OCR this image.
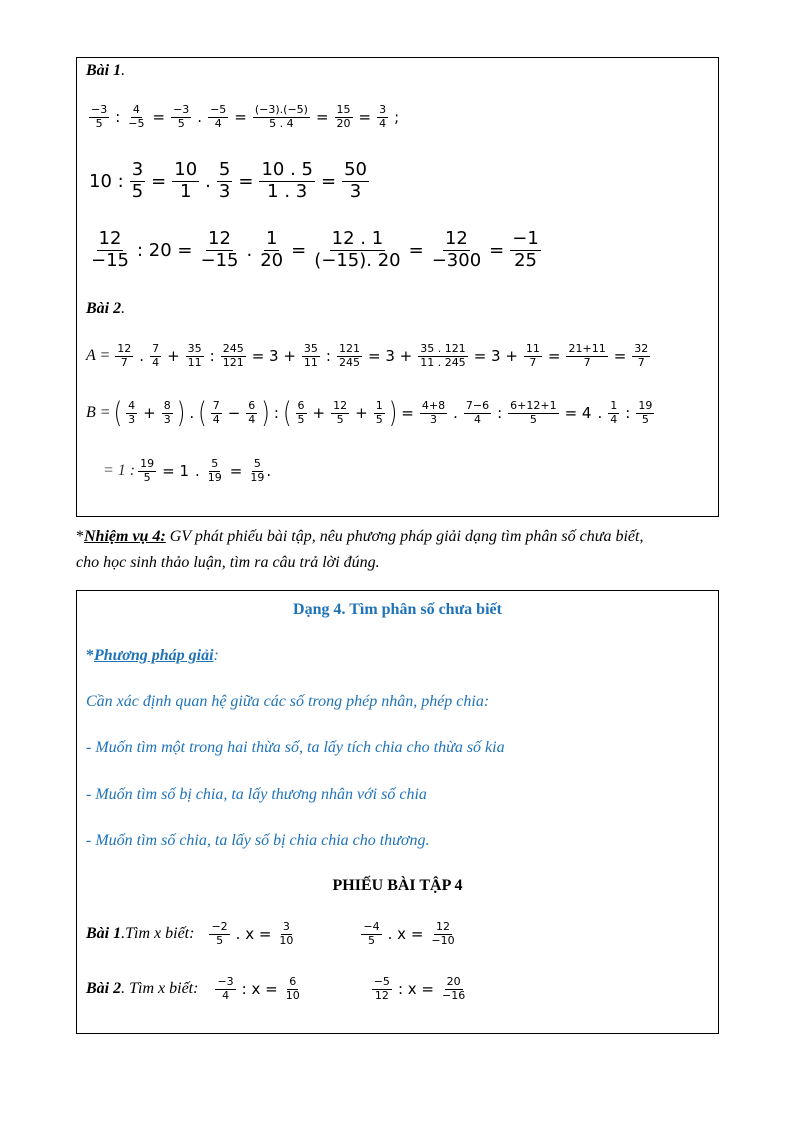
Bài 1 .
$\frac{-3}{5}$ : $\frac{4}{-5} = \frac{-3}{5}$ . $\frac{-5}{4} = \frac{(-3).(-5)}{5 . 4} = \frac{15}{20} = \frac{3}{4}$ ;
10 : $\frac{3}{5} = \frac{10}{1}$ . $\frac{5}{3} = \frac{10 . 5}{1 . 3} = \frac{50}{3}$
$\frac{12}{-15}$ : $20 = \frac{12}{-15}$ . $\frac{1}{20} = \frac{12 . 1}{(-15). 20} = \frac{12}{-300} = \frac{-1}{25}$
Bài 2 .
$A = \frac{12}{7}$ . $\frac{7}{4} + \frac{35}{11}$ : $\frac{245}{121} = 3 + \frac{35}{11}$ : $\frac{121}{245} = 3 + \frac{35 . 121}{11 . 245} = 3 + \frac{11}{7} = \frac{21+11}{7} = \frac{32}{7}$
B = ( $\frac{4}{3} + \frac{8}{3}$ ) . ( $\frac{7}{4} - \frac{6}{4}$ ) : ( $\frac{6}{5} + \frac{12}{5} + \frac{1}{5}$ ) = $\frac{4+8}{3}$ . $\frac{7-6}{4}$ : $\frac{6+12+1}{5} = 4$ . $\frac{1}{4}$ : $\frac{19}{5}$
= 1 : $\frac{19}{5} = 1$ . $\frac{5}{19} = \frac{5}{19}$ .
*Nhiệm vụ 4: GV phát phiếu bài tập, nêu phương pháp giải dạng tìm phân số chưa biết,
cho học sinh thảo luận, tìm ra câu trả lời đúng.
Dạng 4. Tìm phân số chưa biết
* Phương pháp giải :
Cần xác định quan hệ giữa các số trong phép nhân, phép chia:
- Muốn tìm một trong hai thừa số, ta lấy tích chia cho thừa số kia
- Muốn tìm số bị chia, ta lấy thương nhân với số chia
- Muốn tìm số chia, ta lấy số bị chia chia cho thương.
PHIẾU BÀI TẬP 4
Bài 1 .Tìm x biết: $\frac{-2}{5}$ . $x = \frac{3}{10}$	$\frac{-4}{5}$ . $x = \frac{12}{-10}$
Bài 2 . Tìm x biết: $\frac{-3}{4}$ : $x = \frac{6}{10}$	$\frac{-5}{12}$ : $x = \frac{20}{-16}$
